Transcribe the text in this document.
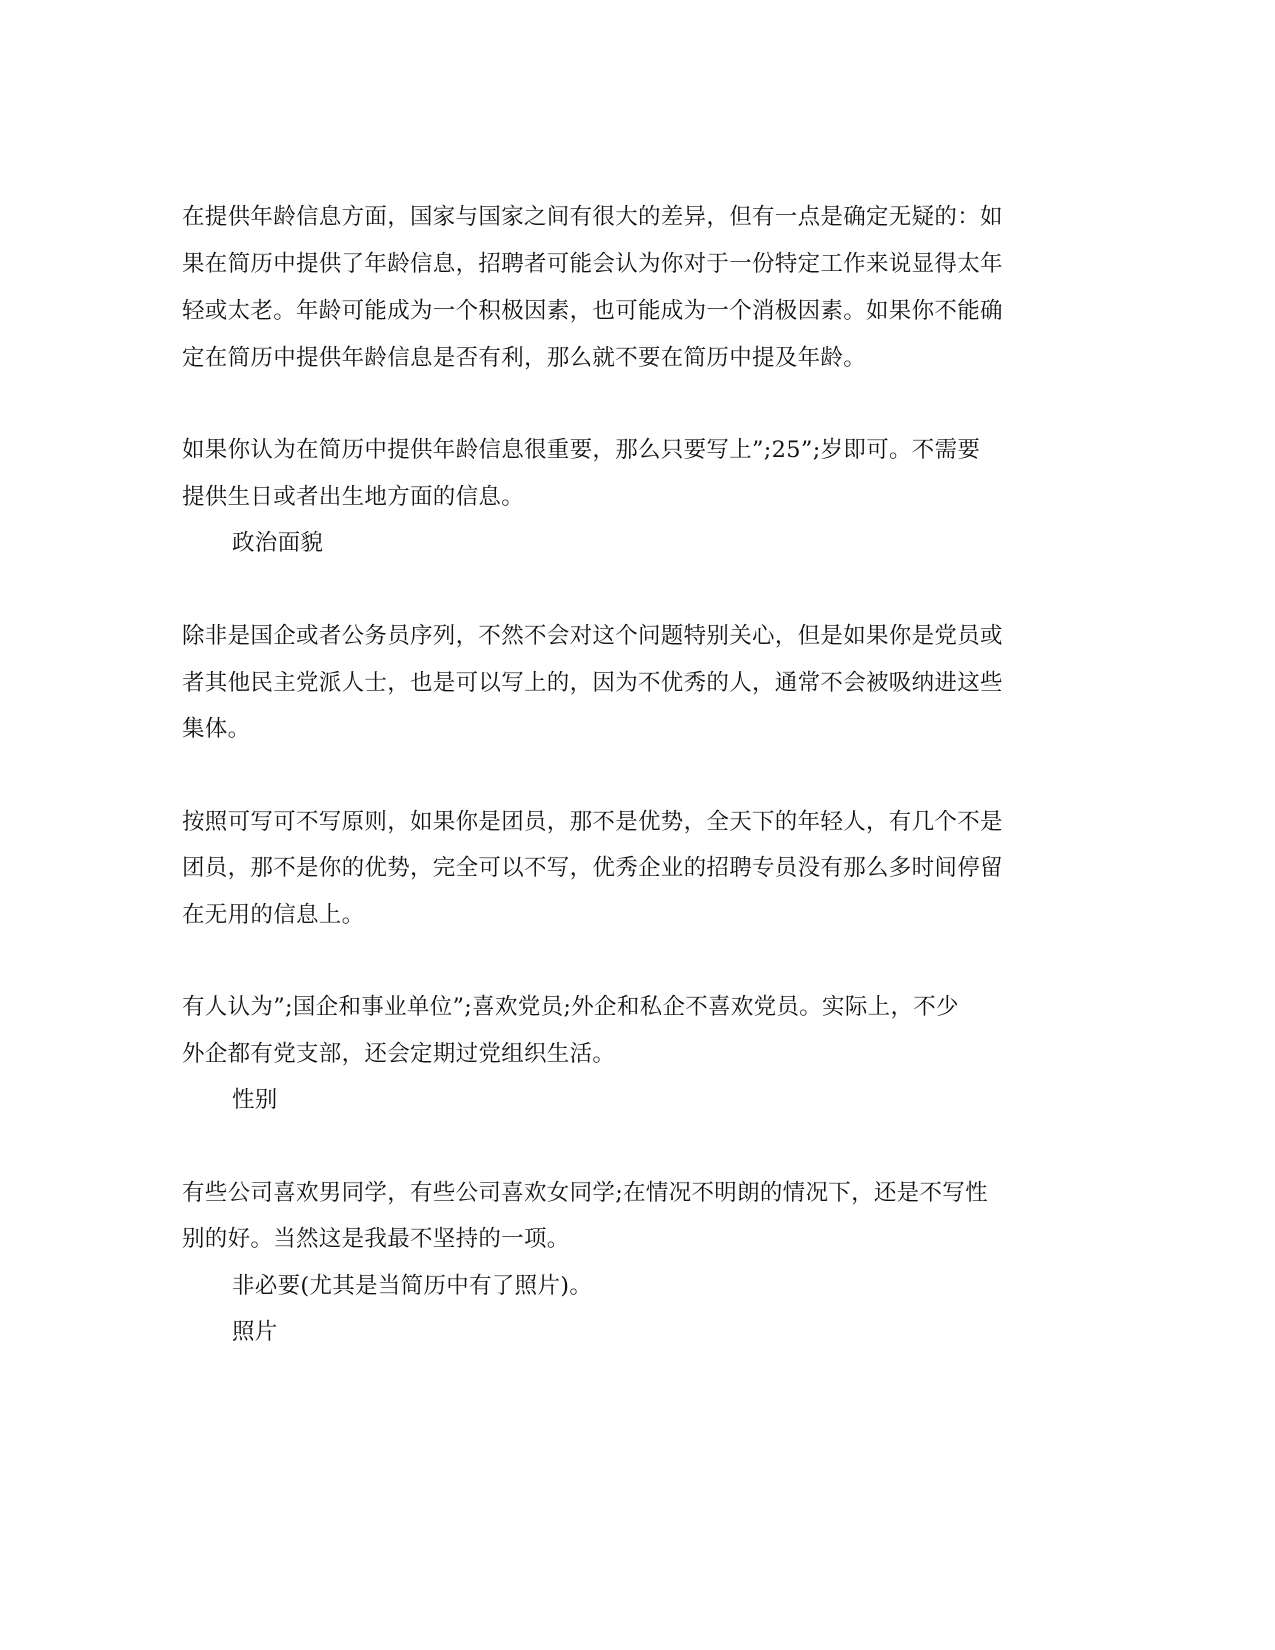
在提供年龄信息方面，国家与国家之间有很大的差异，但有一点是确定无疑的：如
果在简历中提供了年龄信息，招聘者可能会认为你对于一份特定工作来说显得太年
轻或太老。年龄可能成为一个积极因素，也可能成为一个消极因素。如果你不能确
定在简历中提供年龄信息是否有利，那么就不要在简历中提及年龄。
如果你认为在简历中提供年龄信息很重要，那么只要写上”;25”;岁即可。不需要
提供生日或者出生地方面的信息。
政治面貌
除非是国企或者公务员序列，不然不会对这个问题特别关心，但是如果你是党员或
者其他民主党派人士，也是可以写上的，因为不优秀的人，通常不会被吸纳进这些
集体。
按照可写可不写原则，如果你是团员，那不是优势，全天下的年轻人，有几个不是
团员，那不是你的优势，完全可以不写，优秀企业的招聘专员没有那么多时间停留
在无用的信息上。
有人认为”;国企和事业单位”;喜欢党员;外企和私企不喜欢党员。实际上，不少
外企都有党支部，还会定期过党组织生活。
性别
有些公司喜欢男同学，有些公司喜欢女同学;在情况不明朗的情况下，还是不写性
别的好。当然这是我最不坚持的一项。
非必要(尤其是当简历中有了照片)。
照片
